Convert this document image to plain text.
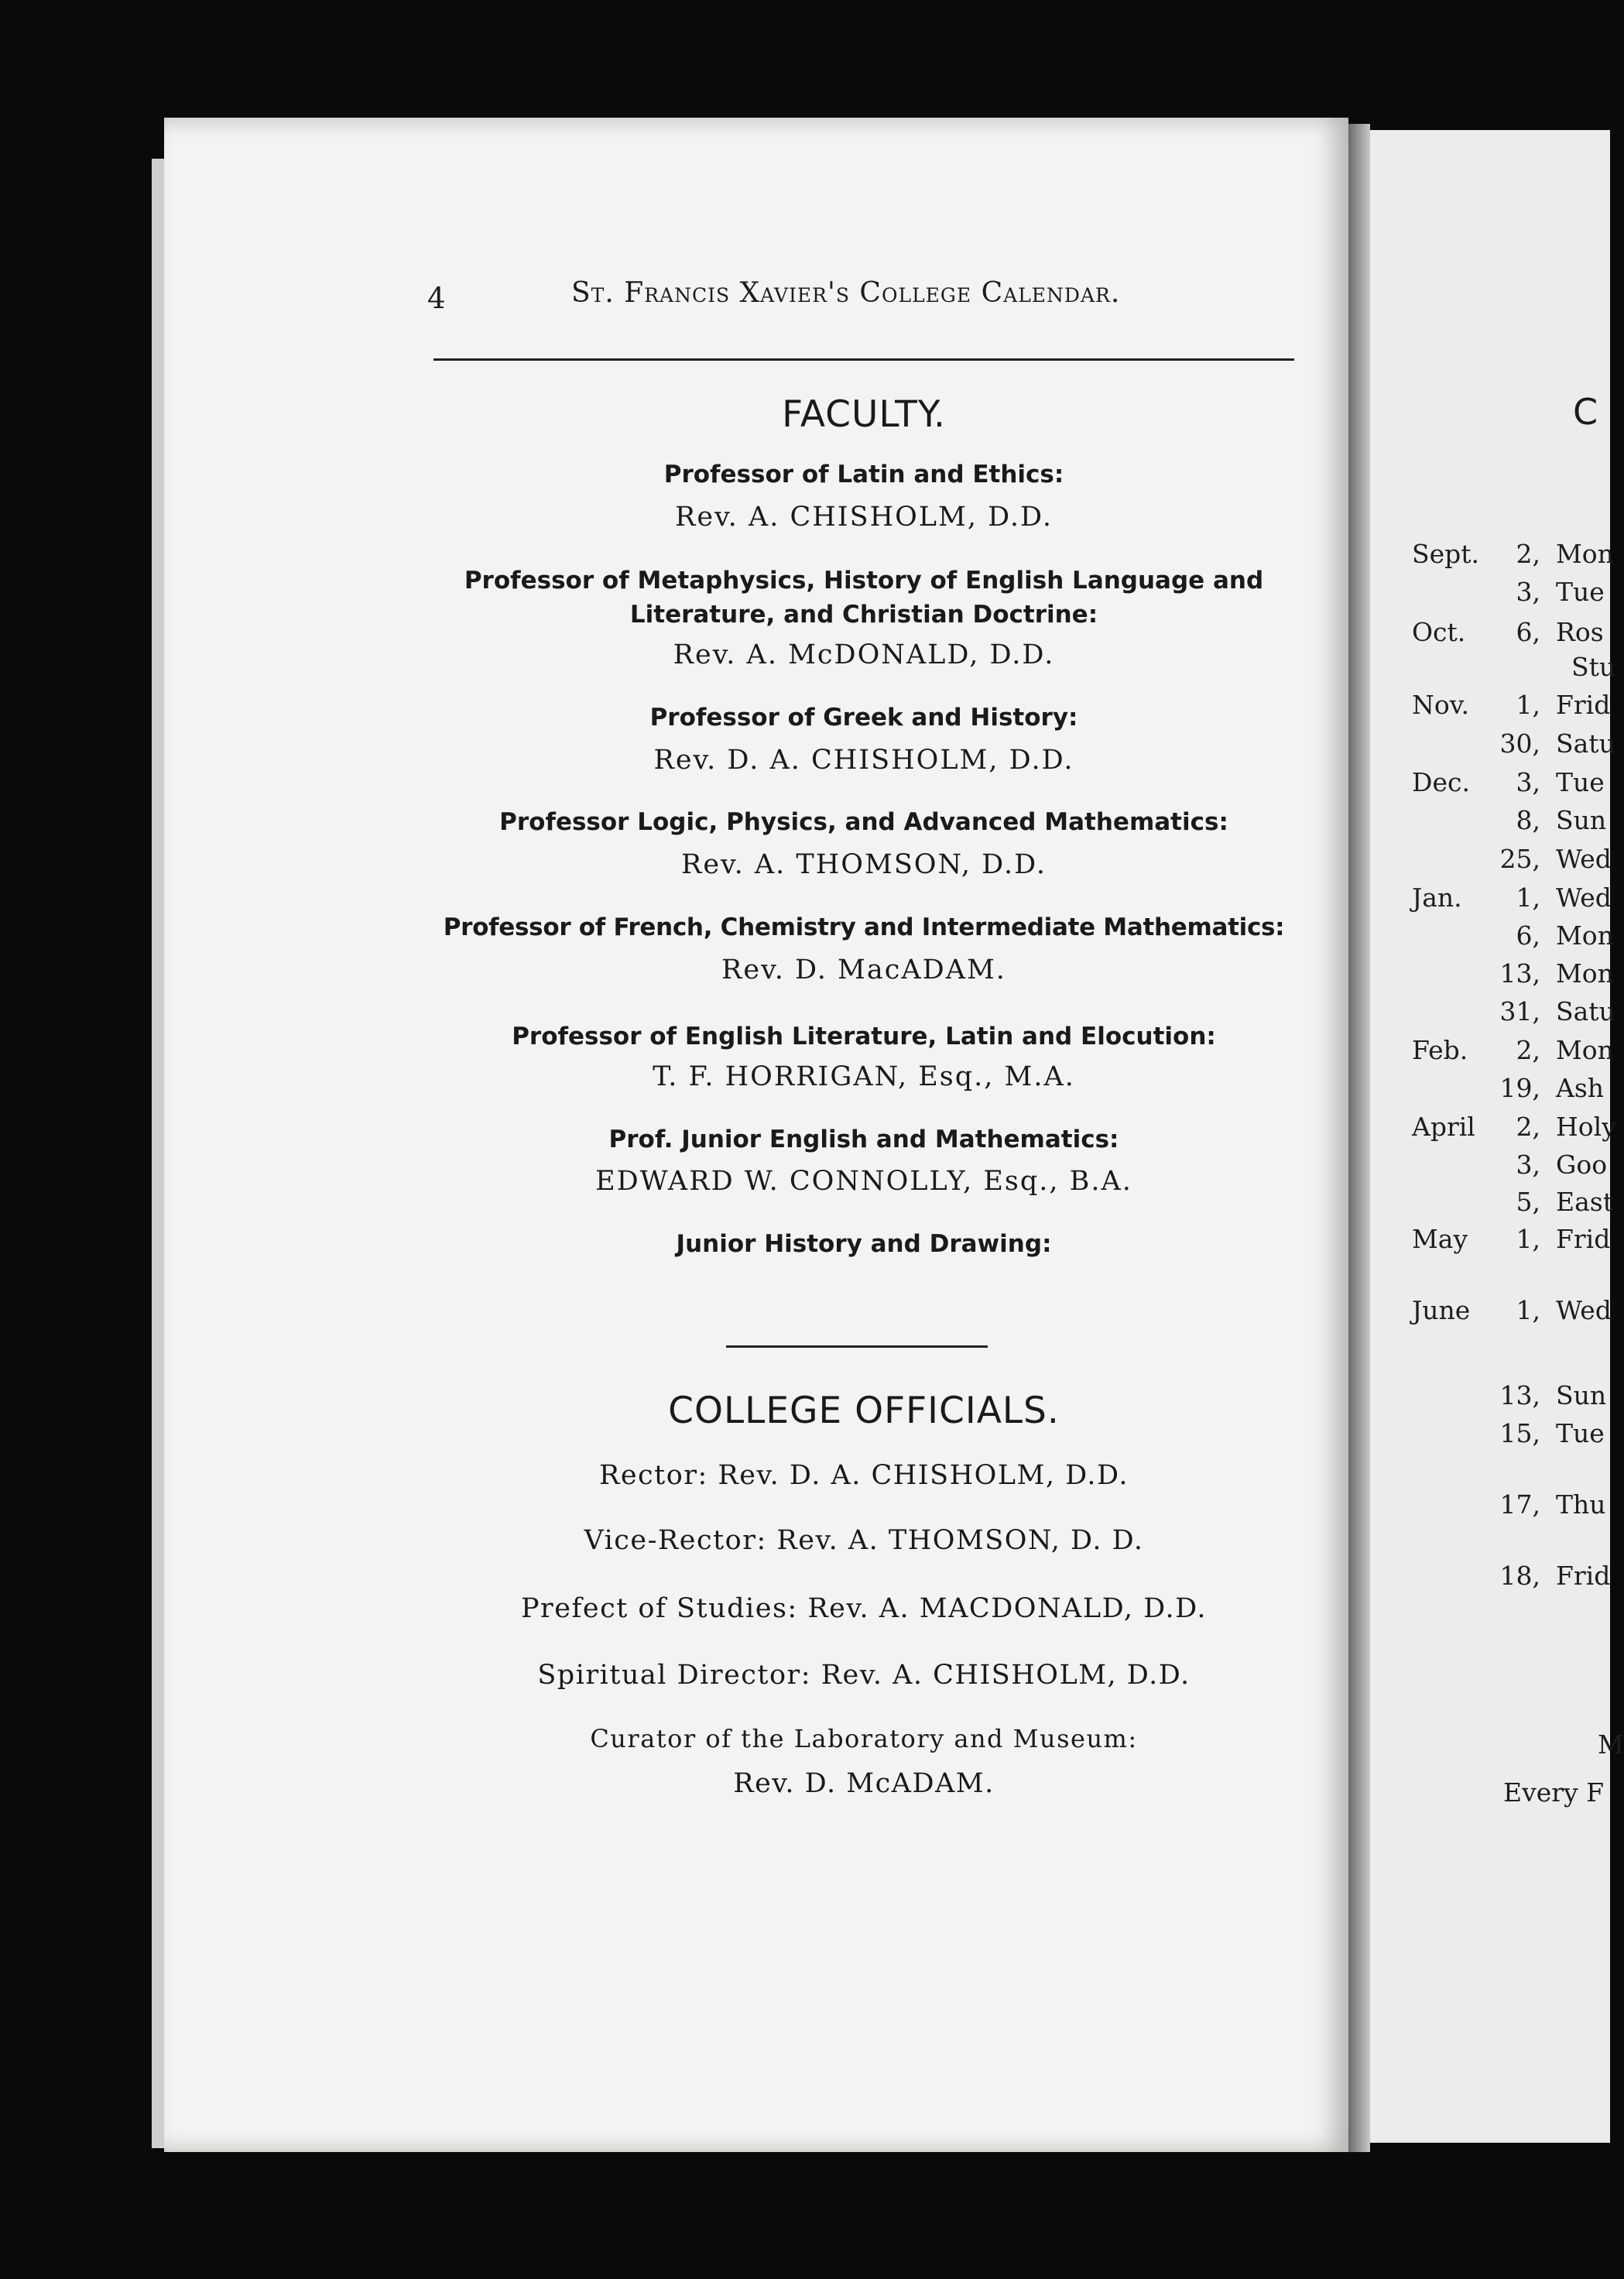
4	St. Francis Xavier's College Calendar.
FACULTY.
Professor of Latin and Ethics:
Rev. A. CHISHOLM, D.D.
Professor of Metaphysics, History of English Language and Literature, and Christian Doctrine:
Rev. A. McDONALD, D.D.
Professor of Greek and History:
Rev. D. A. CHISHOLM, D.D.
Professor Logic, Physics, and Advanced Mathematics:
Rev. A. THOMSON, D.D.
Professor of French, Chemistry and Intermediate Mathematics:
Rev. D. MacADAM.
Professor of English Literature, Latin and Elocution:
T. F. HORRIGAN, Esq., M.A.
Prof. Junior English and Mathematics:
EDWARD W. CONNOLLY, Esq., B.A.
Junior History and Drawing:
COLLEGE OFFICIALS.
Rector: Rev. D. A. CHISHOLM, D.D.
Vice-Rector: Rev. A. THOMSON, D. D.
Prefect of Studies: Rev. A. MACDONALD, D.D.
Spiritual Director: Rev. A. CHISHOLM, D.D.
Curator of the Laboratory and Museum:
Rev. D. McADAM.
C
Sept.	2, Mon
3, Tue
Oct.	6, Ros
Stu
Nov.	1, Frid
30, Satu
Dec.	3, Tue
8, Sun
25, Wed
Jan.	1, Wed
6, Mon
13, Mon
31, Satu
Feb.	2, Mon
19, Ash
April	2, Holy
3, Goo
5, East
May	1, Frid
June	1, Wed
13, Sun
15, Tue
17, Thu
18, Frid
M
Every F
